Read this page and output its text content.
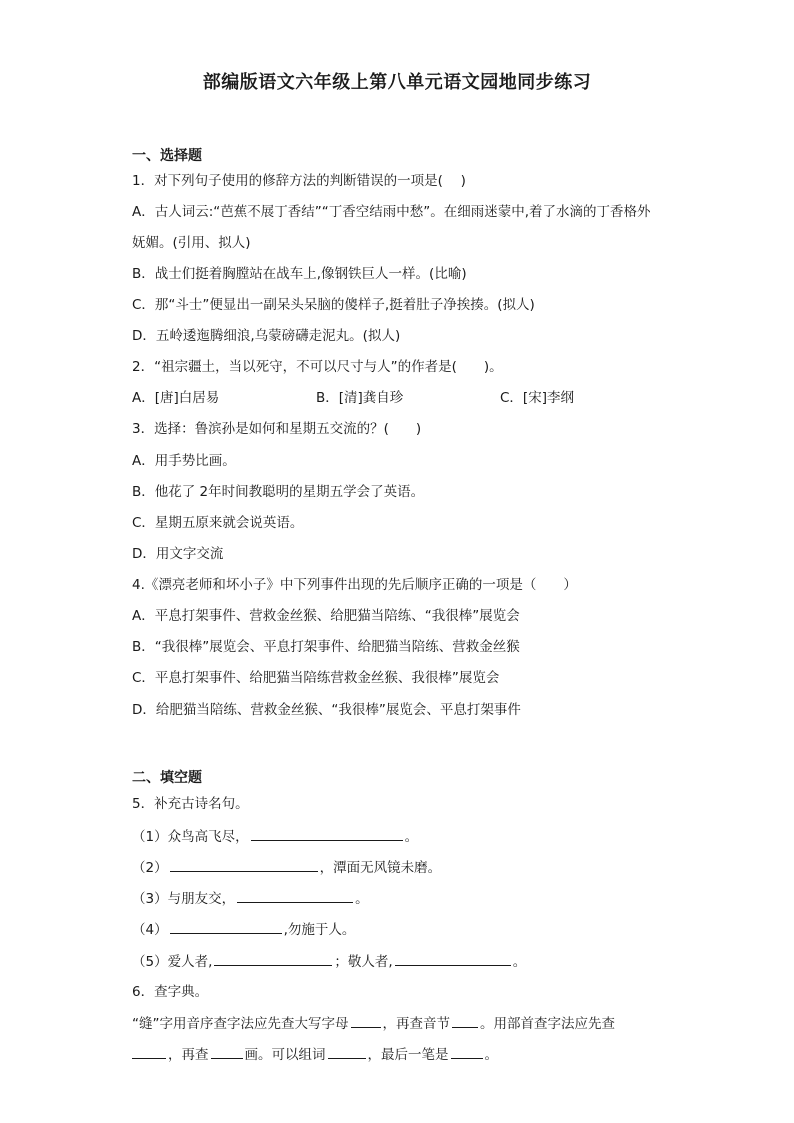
部编版语文六年级上第八单元语文园地同步练习
一、选择题
1．对下列句子使用的修辞方法的判断错误的一项是(　 )
A．古人词云:“芭蕉不展丁香结”“丁香空结雨中愁”。在细雨迷蒙中,着了水滴的丁香格外
妩媚。(引用、拟人)
B．战士们挺着胸膛站在战车上,像钢铁巨人一样。(比喻)
C．那“斗士”便显出一副呆头呆脑的傻样子,挺着肚子净挨揍。(拟人)
D．五岭逶迤腾细浪,乌蒙磅礴走泥丸。(拟人)
2．“祖宗疆土，当以死守，不可以尺寸与人”的作者是(　　)。
A．[唐]白居易	B．[清]龚自珍	C．[宋]李纲
3．选择：鲁滨孙是如何和星期五交流的？(　　)
A．用手势比画。
B．他花了 2年时间教聪明的星期五学会了英语。
C．星期五原来就会说英语。
D．用文字交流
4.《漂亮老师和坏小子》中下列事件出现的先后顺序正确的一项是（　　）
A．平息打架事件、营救金丝猴、给肥猫当陪练、“我很棒”展览会
B．“我很棒”展览会、平息打架事件、给肥猫当陪练、营救金丝猴
C．平息打架事件、给肥猫当陪练营救金丝猴、我很棒”展览会
D．给肥猫当陪练、营救金丝猴、“我很棒”展览会、平息打架事件
二、填空题
5．补充古诗名句。
（1）众鸟高飞尽，	。
（2）	，潭面无风镜未磨。
（3）与朋友交，	。
（4）	,勿施于人。
（5）爱人者,	；敬人者,	。
6．查字典。
“缝”字用音序查字法应先查大写字母	，再查音节 。用部首查字法应先查
，再查	画。可以组词	，最后一笔是	。
